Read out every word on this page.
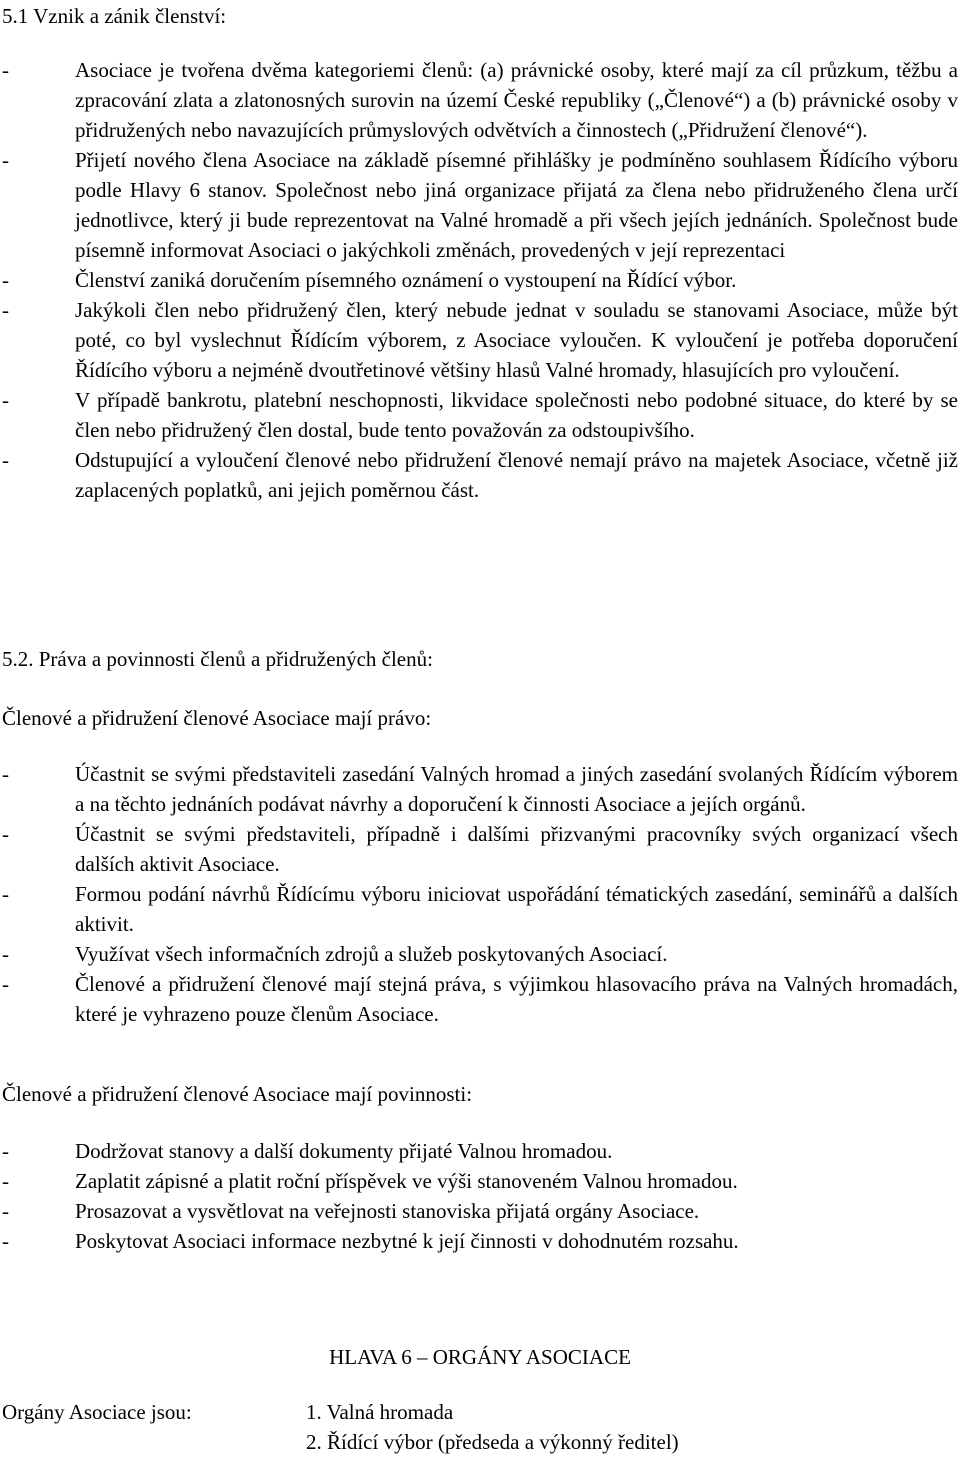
5.1 Vznik a zánik členství:

-	Asociace je tvořena dvěma kategoriemi členů: (a) právnické osoby, které mají za cíl průzkum, těžbu a zpracování zlata a zlatonosných surovin na území České republiky („Členové“) a (b) právnické osoby v přidružených nebo navazujících průmyslových odvětvích a činnostech („Přidružení členové“).
-	Přijetí nového člena Asociace na základě písemné přihlášky je podmíněno souhlasem Řídícího výboru podle Hlavy 6 stanov. Společnost nebo jiná organizace přijatá za člena nebo přidruženého člena určí jednotlivce, který ji bude reprezentovat na Valné hromadě a při všech jejích jednáních. Společnost bude písemně informovat Asociaci o jakýchkoli změnách, provedených v její reprezentaci
-	Členství zaniká doručením písemného oznámení o vystoupení na Řídící výbor.
-	Jakýkoli člen nebo přidružený člen, který nebude jednat v souladu se stanovami Asociace, může být poté, co byl vyslechnut Řídícím výborem, z Asociace vyloučen. K vyloučení je potřeba doporučení Řídícího výboru a nejméně dvoutřetinové většiny hlasů Valné hromady, hlasujících pro vyloučení.
-	V případě bankrotu, platební neschopnosti, likvidace společnosti nebo podobné situace, do které by se člen nebo přidružený člen dostal, bude tento považován za odstoupivšího.
-	Odstupující a vyloučení členové nebo přidružení členové nemají právo na majetek Asociace, včetně již zaplacených poplatků, ani jejich poměrnou část.

5.2. Práva a povinnosti členů a přidružených členů:

Členové a přidružení členové Asociace mají právo:

-	Účastnit se svými představiteli zasedání Valných hromad a jiných zasedání svolaných Řídícím výborem a na těchto jednáních podávat návrhy a doporučení k činnosti Asociace a jejích orgánů.
-	Účastnit se svými představiteli, případně i dalšími přizvanými pracovníky svých organizací všech dalších aktivit Asociace.
-	Formou podání návrhů Řídícímu výboru iniciovat uspořádání tématických zasedání, seminářů a dalších aktivit.
-	Využívat všech informačních zdrojů a služeb poskytovaných Asociací.
-	Členové a přidružení členové mají stejná práva, s výjimkou hlasovacího práva na Valných hromadách, které je vyhrazeno pouze členům Asociace.

Členové a přidružení členové Asociace mají povinnosti:

-	Dodržovat stanovy a další dokumenty přijaté Valnou hromadou.
-	Zaplatit zápisné a platit roční příspěvek ve výši stanoveném Valnou hromadou.
-	Prosazovat a vysvětlovat na veřejnosti stanoviska přijatá orgány Asociace.
-	Poskytovat Asociaci informace nezbytné k její činnosti v dohodnutém rozsahu.

HLAVA 6 – ORGÁNY ASOCIACE

Orgány Asociace jsou:	1. Valná hromada

2. Řídící výbor (předseda a výkonný ředitel)
